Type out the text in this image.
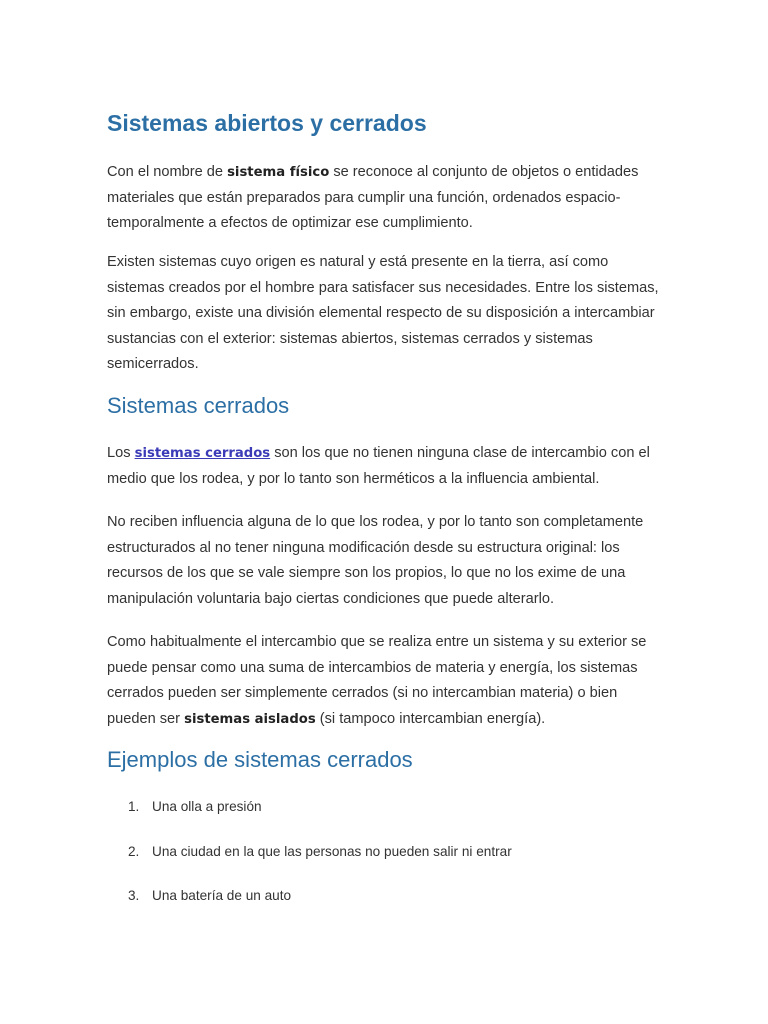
Sistemas abiertos y cerrados

Con el nombre de sistema físico se reconoce al conjunto de objetos o entidades materiales que están preparados para cumplir una función, ordenados espacio-temporalmente a efectos de optimizar ese cumplimiento.

Existen sistemas cuyo origen es natural y está presente en la tierra, así como sistemas creados por el hombre para satisfacer sus necesidades. Entre los sistemas, sin embargo, existe una división elemental respecto de su disposición a intercambiar sustancias con el exterior: sistemas abiertos, sistemas cerrados y sistemas semicerrados.

Sistemas cerrados

Los sistemas cerrados son los que no tienen ninguna clase de intercambio con el medio que los rodea, y por lo tanto son herméticos a la influencia ambiental.

No reciben influencia alguna de lo que los rodea, y por lo tanto son completamente estructurados al no tener ninguna modificación desde su estructura original: los recursos de los que se vale siempre son los propios, lo que no los exime de una manipulación voluntaria bajo ciertas condiciones que puede alterarlo.

Como habitualmente el intercambio que se realiza entre un sistema y su exterior se puede pensar como una suma de intercambios de materia y energía, los sistemas cerrados pueden ser simplemente cerrados (si no intercambian materia) o bien pueden ser sistemas aislados (si tampoco intercambian energía).

Ejemplos de sistemas cerrados
1. Una olla a presión
2. Una ciudad en la que las personas no pueden salir ni entrar
3. Una batería de un auto
